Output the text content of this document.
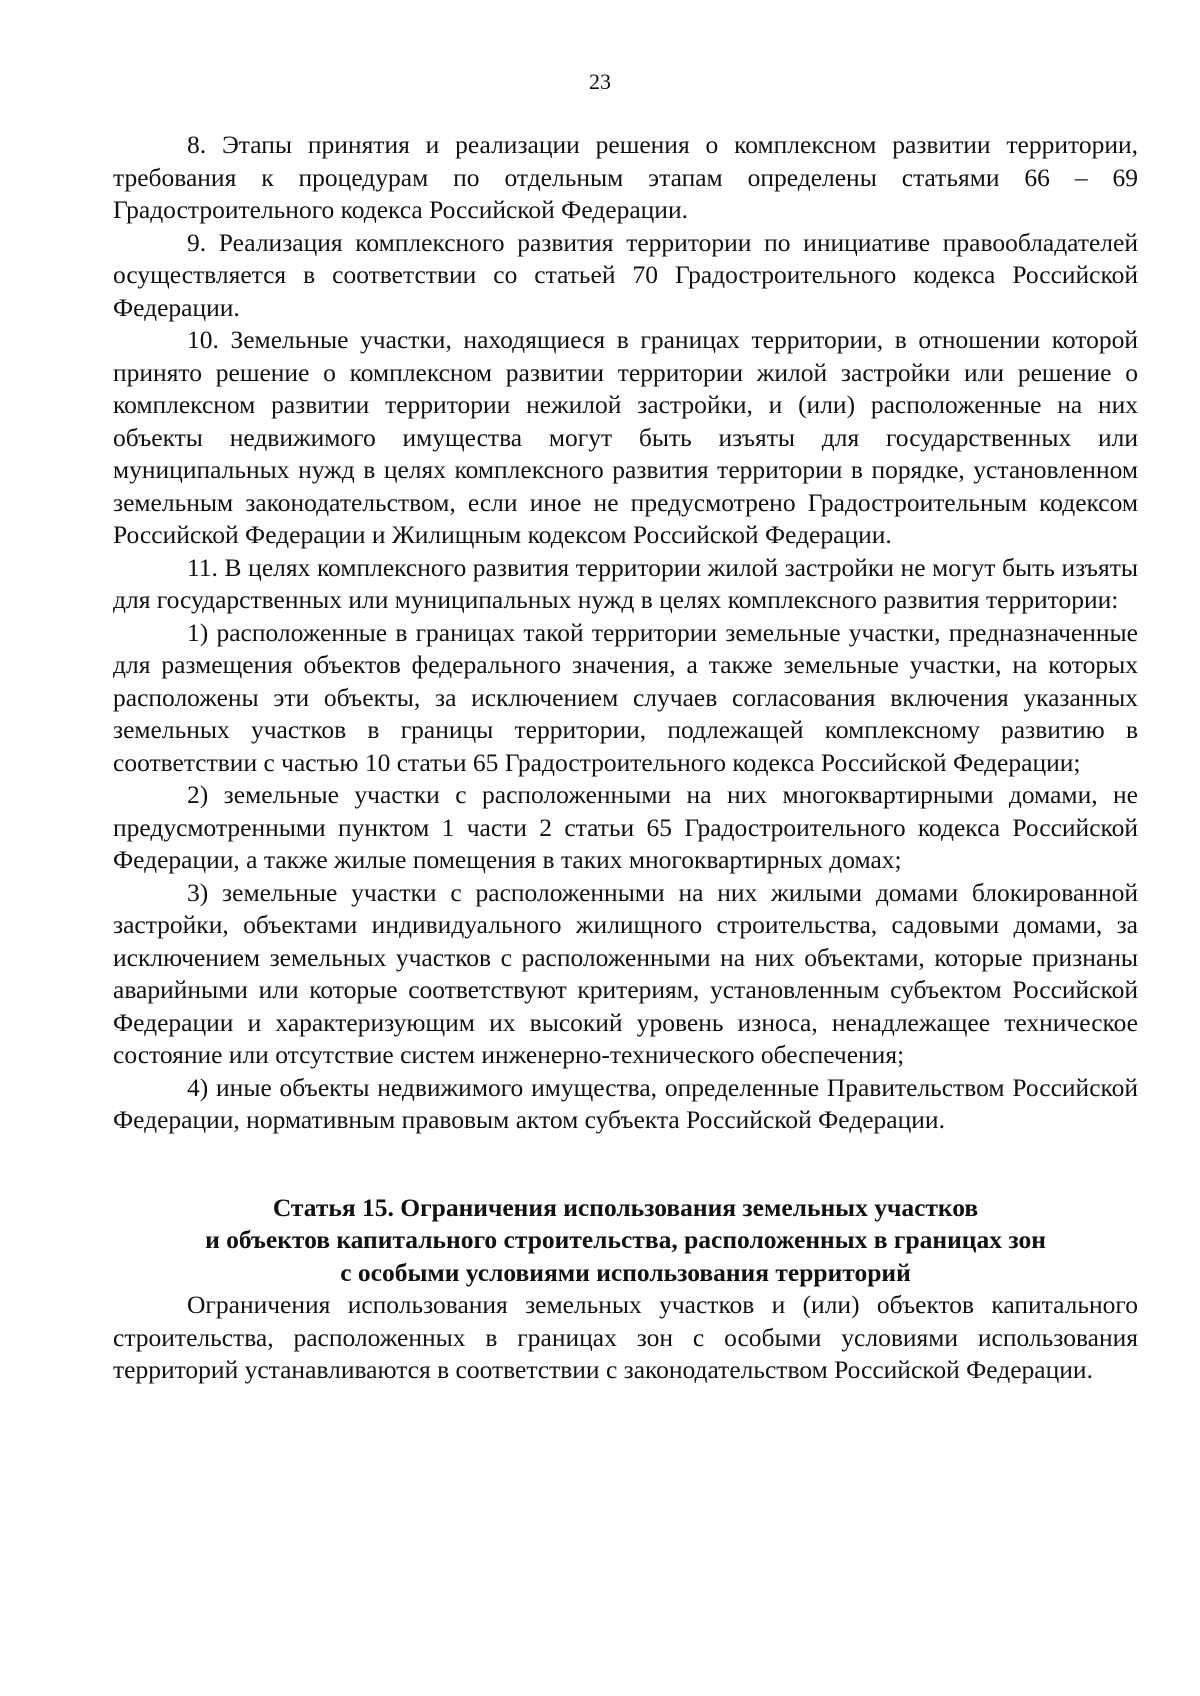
23

8. Этапы принятия и реализации решения о комплексном развитии территории, требования к процедурам по отдельным этапам определены статьями 66 – 69 Градостроительного кодекса Российской Федерации.

9. Реализация комплексного развития территории по инициативе правообладателей осуществляется в соответствии со статьей 70 Градостроительного кодекса Российской Федерации.

10. Земельные участки, находящиеся в границах территории, в отношении которой принято решение о комплексном развитии территории жилой застройки или решение о комплексном развитии территории нежилой застройки, и (или) расположенные на них объекты недвижимого имущества могут быть изъяты для государственных или муниципальных нужд в целях комплексного развития территории в порядке, установленном земельным законодательством, если иное не предусмотрено Градостроительным кодексом Российской Федерации и Жилищным кодексом Российской Федерации.

11. В целях комплексного развития территории жилой застройки не могут быть изъяты для государственных или муниципальных нужд в целях комплексного развития территории:

1) расположенные в границах такой территории земельные участки, предназначенные для размещения объектов федерального значения, а также земельные участки, на которых расположены эти объекты, за исключением случаев согласования включения указанных земельных участков в границы территории, подлежащей комплексному развитию в соответствии с частью 10 статьи 65 Градостроительного кодекса Российской Федерации;

2) земельные участки с расположенными на них многоквартирными домами, не предусмотренными пунктом 1 части 2 статьи 65 Градостроительного кодекса Российской Федерации, а также жилые помещения в таких многоквартирных домах;

3) земельные участки с расположенными на них жилыми домами блокированной застройки, объектами индивидуального жилищного строительства, садовыми домами, за исключением земельных участков с расположенными на них объектами, которые признаны аварийными или которые соответствуют критериям, установленным субъектом Российской Федерации и характеризующим их высокий уровень износа, ненадлежащее техническое состояние или отсутствие систем инженерно-технического обеспечения;

4) иные объекты недвижимого имущества, определенные Правительством Российской Федерации, нормативным правовым актом субъекта Российской Федерации.

Статья 15. Ограничения использования земельных участков
и объектов капитального строительства, расположенных в границах зон
с особыми условиями использования территорий

Ограничения использования земельных участков и (или) объектов капитального строительства, расположенных в границах зон с особыми условиями использования территорий устанавливаются в соответствии с законодательством Российской Федерации.
